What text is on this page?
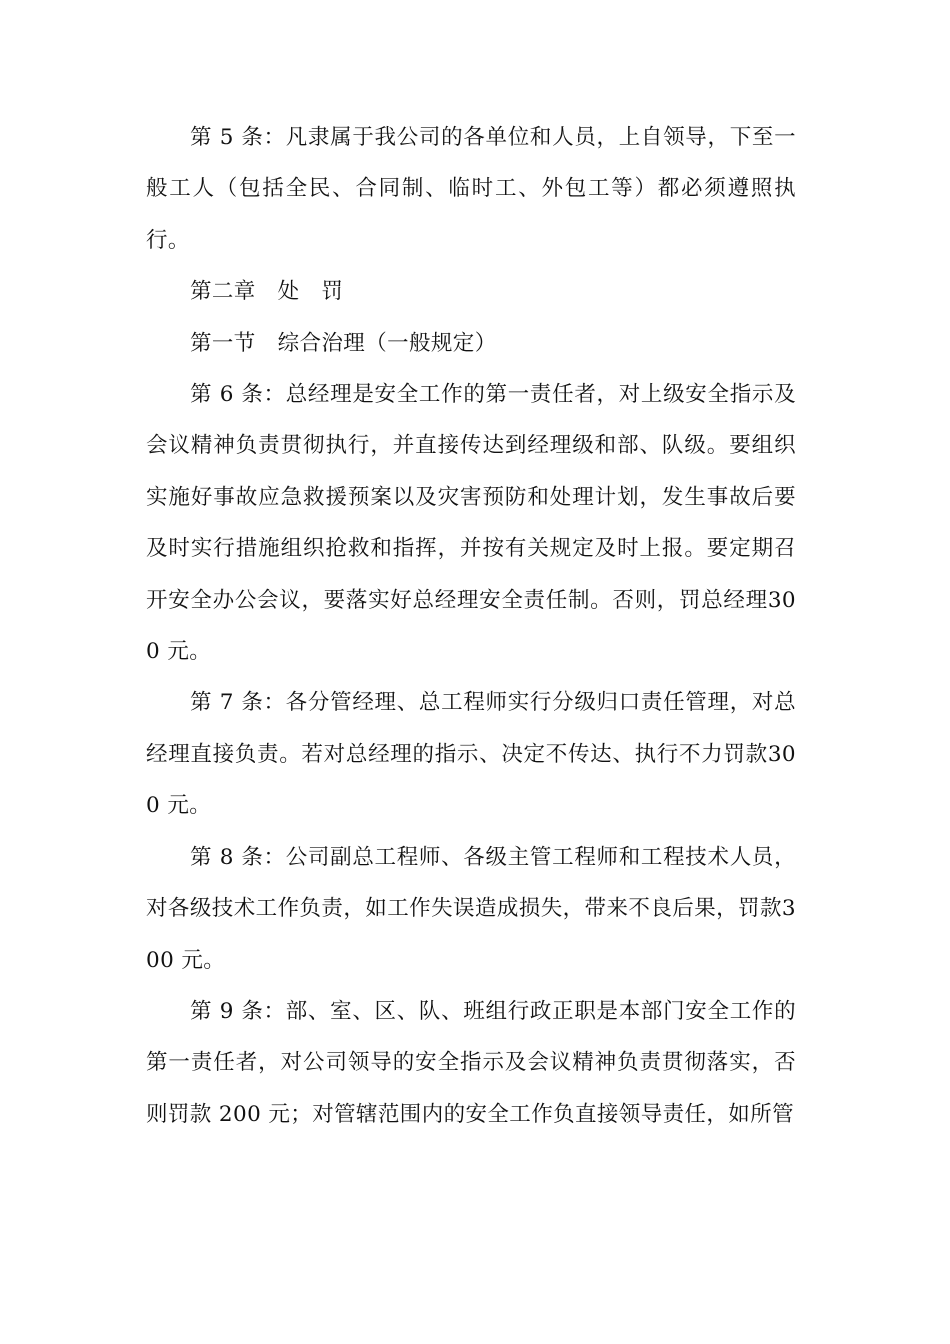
第 5 条：凡隶属于我公司的各单位和人员，上自领导，下至一般工人（包括全民、合同制、临时工、外包工等）都必须遵照执行。

第二章　处　罚

第一节　综合治理（一般规定）

第 6 条：总经理是安全工作的第一责任者，对上级安全指示及会议精神负责贯彻执行，并直接传达到经理级和部、队级。要组织实施好事故应急救援预案以及灾害预防和处理计划，发生事故后要及时实行措施组织抢救和指挥，并按有关规定及时上报。要定期召开安全办公会议，要落实好总经理安全责任制。否则，罚总经理300 元。

第 7 条：各分管经理、总工程师实行分级归口责任管理，对总经理直接负责。若对总经理的指示、决定不传达、执行不力罚款300 元。

第 8 条：公司副总工程师、各级主管工程师和工程技术人员，对各级技术工作负责，如工作失误造成损失，带来不良后果，罚款300 元。

第 9 条：部、室、区、队、班组行政正职是本部门安全工作的第一责任者，对公司领导的安全指示及会议精神负责贯彻落实，否则罚款 200 元；对管辖范围内的安全工作负直接领导责任，如所管
